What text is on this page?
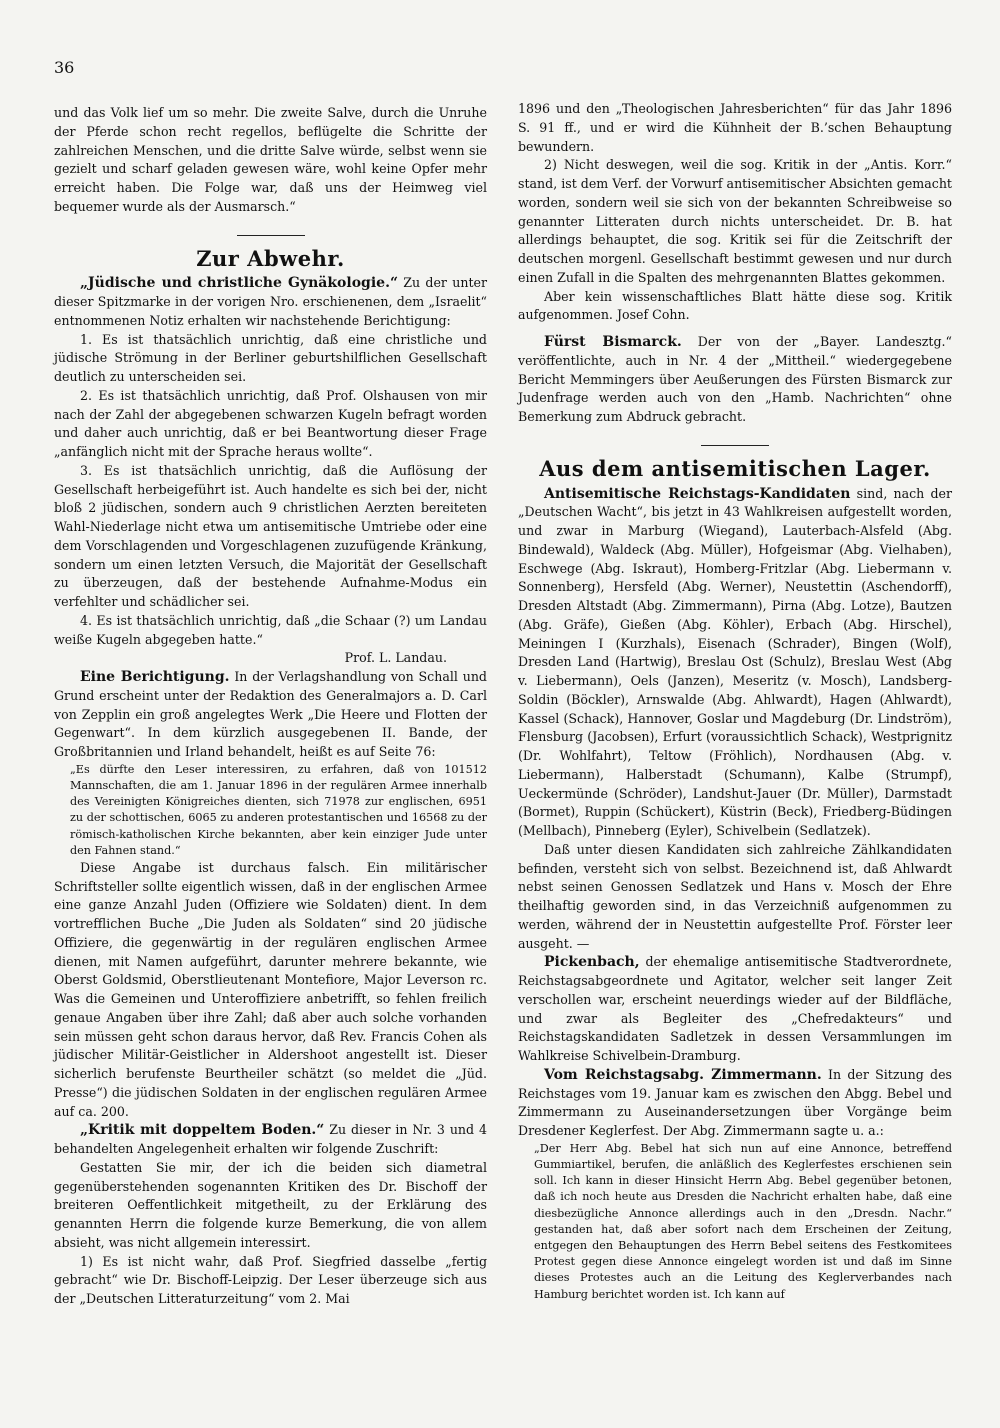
36

und das Volk lief um so mehr. Die zweite Salve, durch die Unruhe der Pferde schon recht regellos, beflügelte die Schritte der zahlreichen Menschen, und die dritte Salve würde, selbst wenn sie gezielt und scharf geladen gewesen wäre, wohl keine Opfer mehr erreicht haben. Die Folge war, daß uns der Heimweg viel bequemer wurde als der Ausmarsch.“

Zur Abwehr.

„Jüdische und christliche Gynäkologie.“ Zu der unter dieser Spitzmarke in der vorigen Nro. erschienenen, dem „Israelit“ entnommenen Notiz erhalten wir nachstehende Berichtigung:

1. Es ist thatsächlich unrichtig, daß eine christliche und jüdische Strömung in der Berliner geburtshilflichen Gesellschaft deutlich zu unterscheiden sei.

2. Es ist thatsächlich unrichtig, daß Prof. Olshausen von mir nach der Zahl der abgegebenen schwarzen Kugeln befragt worden und daher auch unrichtig, daß er bei Beantwortung dieser Frage „anfänglich nicht mit der Sprache heraus wollte“.

3. Es ist thatsächlich unrichtig, daß die Auflösung der Gesellschaft herbeigeführt ist. Auch handelte es sich bei der, nicht bloß 2 jüdischen, sondern auch 9 christlichen Aerzten bereiteten Wahl-Niederlage nicht etwa um antisemitische Umtriebe oder eine dem Vorschlagenden und Vorgeschlagenen zuzufügende Kränkung, sondern um einen letzten Versuch, die Majorität der Gesellschaft zu überzeugen, daß der bestehende Aufnahme-Modus ein verfehlter und schädlicher sei.

4. Es ist thatsächlich unrichtig, daß „die Schaar (?) um Landau weiße Kugeln abgegeben hatte.“

Prof. L. Landau.

Eine Berichtigung. In der Verlagshandlung von Schall und Grund erscheint unter der Redaktion des Generalmajors a. D. Carl von Zepplin ein groß angelegtes Werk „Die Heere und Flotten der Gegenwart“. In dem kürzlich ausgegebenen II. Bande, der Großbritannien und Irland behandelt, heißt es auf Seite 76:

„Es dürfte den Leser interessiren, zu erfahren, daß von 101512 Mannschaften, die am 1. Januar 1896 in der regulären Armee innerhalb des Vereinigten Königreiches dienten, sich 71978 zur englischen, 6951 zu der schottischen, 6065 zu anderen protestantischen und 16568 zu der römisch-katholischen Kirche bekannten, aber kein einziger Jude unter den Fahnen stand.“

Diese Angabe ist durchaus falsch. Ein militärischer Schriftsteller sollte eigentlich wissen, daß in der englischen Armee eine ganze Anzahl Juden (Offiziere wie Soldaten) dient. In dem vortrefflichen Buche „Die Juden als Soldaten“ sind 20 jüdische Offiziere, die gegenwärtig in der regulären englischen Armee dienen, mit Namen aufgeführt, darunter mehrere bekannte, wie Oberst Goldsmid, Oberstlieutenant Montefiore, Major Leverson rc. Was die Gemeinen und Unteroffiziere anbetrifft, so fehlen freilich genaue Angaben über ihre Zahl; daß aber auch solche vorhanden sein müssen geht schon daraus hervor, daß Rev. Francis Cohen als jüdischer Militär-Geistlicher in Aldershoot angestellt ist. Dieser sicherlich berufenste Beurtheiler schätzt (so meldet die „Jüd. Presse“) die jüdischen Soldaten in der englischen regulären Armee auf ca. 200.

„Kritik mit doppeltem Boden.“ Zu dieser in Nr. 3 und 4 behandelten Angelegenheit erhalten wir folgende Zuschrift:

Gestatten Sie mir, der ich die beiden sich diametral gegenüberstehenden sogenannten Kritiken des Dr. Bischoff der breiteren Oeffentlichkeit mitgetheilt, zu der Erklärung des genannten Herrn die folgende kurze Bemerkung, die von allem absieht, was nicht allgemein interessirt.

1) Es ist nicht wahr, daß Prof. Siegfried dasselbe „fertig gebracht“ wie Dr. Bischoff-Leipzig. Der Leser überzeuge sich aus der „Deutschen Litteraturzeitung“ vom 2. Mai

1896 und den „Theologischen Jahresberichten“ für das Jahr 1896 S. 91 ff., und er wird die Kühnheit der B.’schen Behauptung bewundern.

2) Nicht deswegen, weil die sog. Kritik in der „Antis. Korr.“ stand, ist dem Verf. der Vorwurf antisemitischer Absichten gemacht worden, sondern weil sie sich von der bekannten Schreibweise so genannter Litteraten durch nichts unterscheidet. Dr. B. hat allerdings behauptet, die sog. Kritik sei für die Zeitschrift der deutschen morgenl. Gesellschaft bestimmt gewesen und nur durch einen Zufall in die Spalten des mehrgenannten Blattes gekommen.

Aber kein wissenschaftliches Blatt hätte diese sog. Kritik aufgenommen. Josef Cohn.

Fürst Bismarck. Der von der „Bayer. Landesztg.“ veröffentlichte, auch in Nr. 4 der „Mittheil.“ wiedergegebene Bericht Memmingers über Aeußerungen des Fürsten Bismarck zur Judenfrage werden auch von den „Hamb. Nachrichten“ ohne Bemerkung zum Abdruck gebracht.

Aus dem antisemitischen Lager.

Antisemitische Reichstags-Kandidaten sind, nach der „Deutschen Wacht“, bis jetzt in 43 Wahlkreisen aufgestellt worden, und zwar in Marburg (Wiegand), Lauterbach-Alsfeld (Abg. Bindewald), Waldeck (Abg. Müller), Hofgeismar (Abg. Vielhaben), Eschwege (Abg. Iskraut), Homberg-Fritzlar (Abg. Liebermann v. Sonnenberg), Hersfeld (Abg. Werner), Neustettin (Aschendorff), Dresden Altstadt (Abg. Zimmermann), Pirna (Abg. Lotze), Bautzen (Abg. Gräfe), Gießen (Abg. Köhler), Erbach (Abg. Hirschel), Meiningen I (Kurzhals), Eisenach (Schrader), Bingen (Wolf), Dresden Land (Hartwig), Breslau Ost (Schulz), Breslau West (Abg v. Liebermann), Oels (Janzen), Meseritz (v. Mosch), Landsberg-Soldin (Böckler), Arnswalde (Abg. Ahlwardt), Hagen (Ahlwardt), Kassel (Schack), Hannover, Goslar und Magdeburg (Dr. Lindström), Flensburg (Jacobsen), Erfurt (voraussichtlich Schack), Westprignitz (Dr. Wohlfahrt), Teltow (Fröhlich), Nordhausen (Abg. v. Liebermann), Halberstadt (Schumann), Kalbe (Strumpf), Ueckermünde (Schröder), Landshut-Jauer (Dr. Müller), Darmstadt (Bormet), Ruppin (Schückert), Küstrin (Beck), Friedberg-Büdingen (Mellbach), Pinneberg (Eyler), Schivelbein (Sedlatzek).

Daß unter diesen Kandidaten sich zahlreiche Zählkandidaten befinden, versteht sich von selbst. Bezeichnend ist, daß Ahlwardt nebst seinen Genossen Sedlatzek und Hans v. Mosch der Ehre theilhaftig geworden sind, in das Verzeichniß aufgenommen zu werden, während der in Neustettin aufgestellte Prof. Förster leer ausgeht. —

Pickenbach, der ehemalige antisemitische Stadtverordnete, Reichstagsabgeordnete und Agitator, welcher seit langer Zeit verschollen war, erscheint neuerdings wieder auf der Bildfläche, und zwar als Begleiter des „Chefredakteurs“ und Reichstagskandidaten Sadletzek in dessen Versammlungen im Wahlkreise Schivelbein-Dramburg.

Vom Reichstagsabg. Zimmermann. In der Sitzung des Reichstages vom 19. Januar kam es zwischen den Abgg. Bebel und Zimmermann zu Auseinandersetzungen über Vorgänge beim Dresdener Keglerfest. Der Abg. Zimmermann sagte u. a.:

„Der Herr Abg. Bebel hat sich nun auf eine Annonce, betreffend Gummiartikel, berufen, die anläßlich des Keglerfestes erschienen sein soll. Ich kann in dieser Hinsicht Herrn Abg. Bebel gegenüber betonen, daß ich noch heute aus Dresden die Nachricht erhalten habe, daß eine diesbezügliche Annonce allerdings auch in den „Dresdn. Nachr.“ gestanden hat, daß aber sofort nach dem Erscheinen der Zeitung, entgegen den Behauptungen des Herrn Bebel seitens des Festkomitees Protest gegen diese Annonce eingelegt worden ist und daß im Sinne dieses Protestes auch an die Leitung des Keglerverbandes nach Hamburg berichtet worden ist. Ich kann auf
